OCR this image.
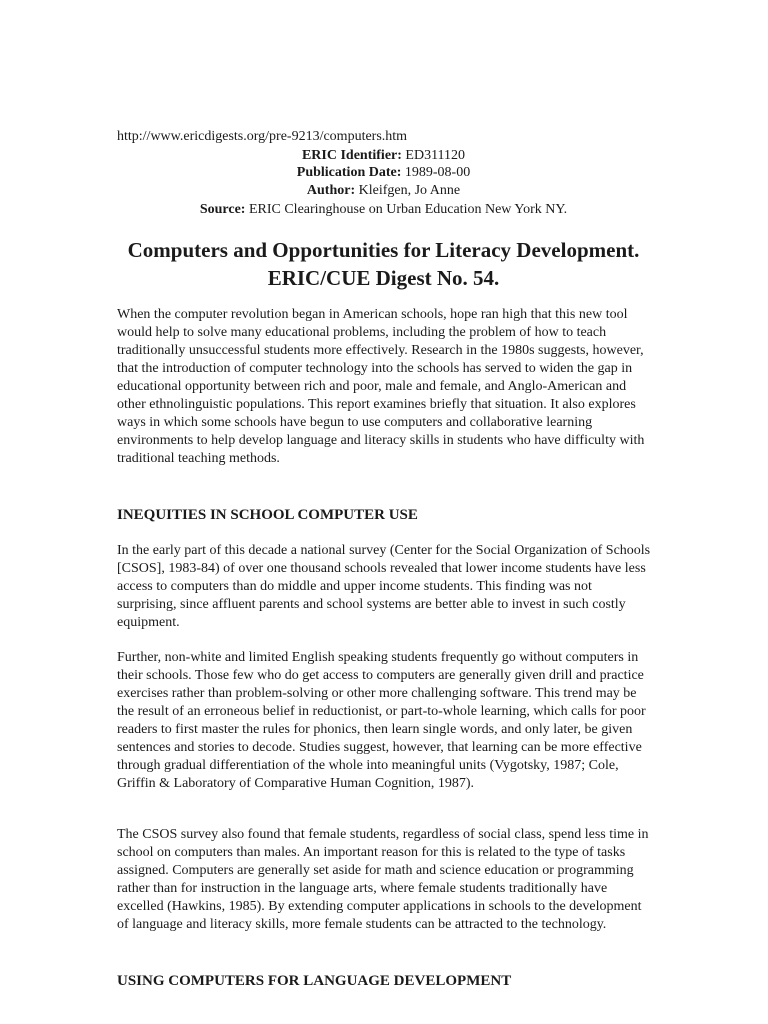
http://www.ericdigests.org/pre-9213/computers.htm
ERIC Identifier: ED311120
Publication Date: 1989-08-00
Author: Kleifgen, Jo Anne
Source: ERIC Clearinghouse on Urban Education New York NY.
Computers and Opportunities for Literacy Development. ERIC/CUE Digest No. 54.

When the computer revolution began in American schools, hope ran high that this new tool would help to solve many educational problems, including the problem of how to teach traditionally unsuccessful students more effectively. Research in the 1980s suggests, however, that the introduction of computer technology into the schools has served to widen the gap in educational opportunity between rich and poor, male and female, and Anglo-American and other ethnolinguistic populations. This report examines briefly that situation. It also explores ways in which some schools have begun to use computers and collaborative learning environments to help develop language and literacy skills in students who have difficulty with traditional teaching methods.

INEQUITIES IN SCHOOL COMPUTER USE

In the early part of this decade a national survey (Center for the Social Organization of Schools [CSOS], 1983-84) of over one thousand schools revealed that lower income students have less access to computers than do middle and upper income students. This finding was not surprising, since affluent parents and school systems are better able to invest in such costly equipment.

Further, non-white and limited English speaking students frequently go without computers in their schools. Those few who do get access to computers are generally given drill and practice exercises rather than problem-solving or other more challenging software. This trend may be the result of an erroneous belief in reductionist, or part-to-whole learning, which calls for poor readers to first master the rules for phonics, then learn single words, and only later, be given sentences and stories to decode. Studies suggest, however, that learning can be more effective through gradual differentiation of the whole into meaningful units (Vygotsky, 1987; Cole, Griffin & Laboratory of Comparative Human Cognition, 1987).

The CSOS survey also found that female students, regardless of social class, spend less time in school on computers than males. An important reason for this is related to the type of tasks assigned. Computers are generally set aside for math and science education or programming rather than for instruction in the language arts, where female students traditionally have excelled (Hawkins, 1985). By extending computer applications in schools to the development of language and literacy skills, more female students can be attracted to the technology.

USING COMPUTERS FOR LANGUAGE DEVELOPMENT
